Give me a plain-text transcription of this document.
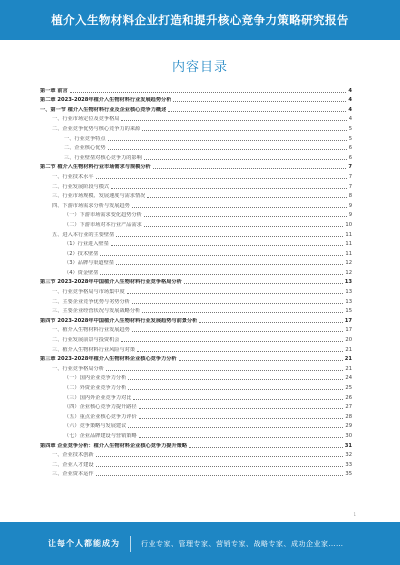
植介入生物材料企业打造和提升核心竞争力策略研究报告
内容目录
第一章 前言	4
第二章 2023-2028年植介入生物材料行业发展趋势分析	4
一、第一节 植介入生物材料行业及企业核心竞争力概述	4
一、行业市场定位及竞争格局	4
二、企业竞争优势与核心竞争力的来源	5
一、行业竞争特点	5
二、企业核心优势	6
三、行业壁垒对核心竞争力的影响	6
第二节 植介入生物材料行业市场需求与规模分析	7
一、行业技术水平	7
二、行业发展阶段与模式	7
三、行业市场规模、发展速度与需求情况	8
四、下游市场需求分析与发展趋势	9
（一）下游市场需求变化趋势分析	9
（二）下游市场对本行业产品需求	10
五、进入本行业的主要壁垒	11
（1）行业进入壁垒	11
（2）技术壁垒	11
（3）品牌与渠道壁垒	12
（4）资金壁垒	12
第三节 2023-2028年中国植介入生物材料行业竞争格局分析	13
一、行业竞争格局与市场集中度	13
二、主要企业竞争优势与劣势分析	13
三、主要企业经营状况与发展战略分析	15
第四节 2023-2028年中国植介入生物材料行业发展趋势与前景分析	17
一、植介入生物材料行业发展趋势	17
二、行业发展前景与投资机会	20
三、植介入生物材料行业风险与对策	21
第三章 2023-2028年植介入生物材料企业核心竞争力分析	21
一、行业竞争格局分析	21
（一）国内企业竞争力分析	24
（二）外资企业竞争力分析	25
（三）国内外企业竞争力对比	26
（四）企业核心竞争力提升路径	27
（五）重点企业核心竞争力评价	28
（六）竞争策略与发展建议	29
（七）企业品牌建设与营销策略	30
第四章 企业竞争分析：植介入生物材料企业核心竞争力提升策略	31
一、企业技术创新	32
二、企业人才建设	33
三、企业资本运作	35
1
让每个人都能成为	行业专家、管理专家、营销专家、战略专家、成功企业家……
